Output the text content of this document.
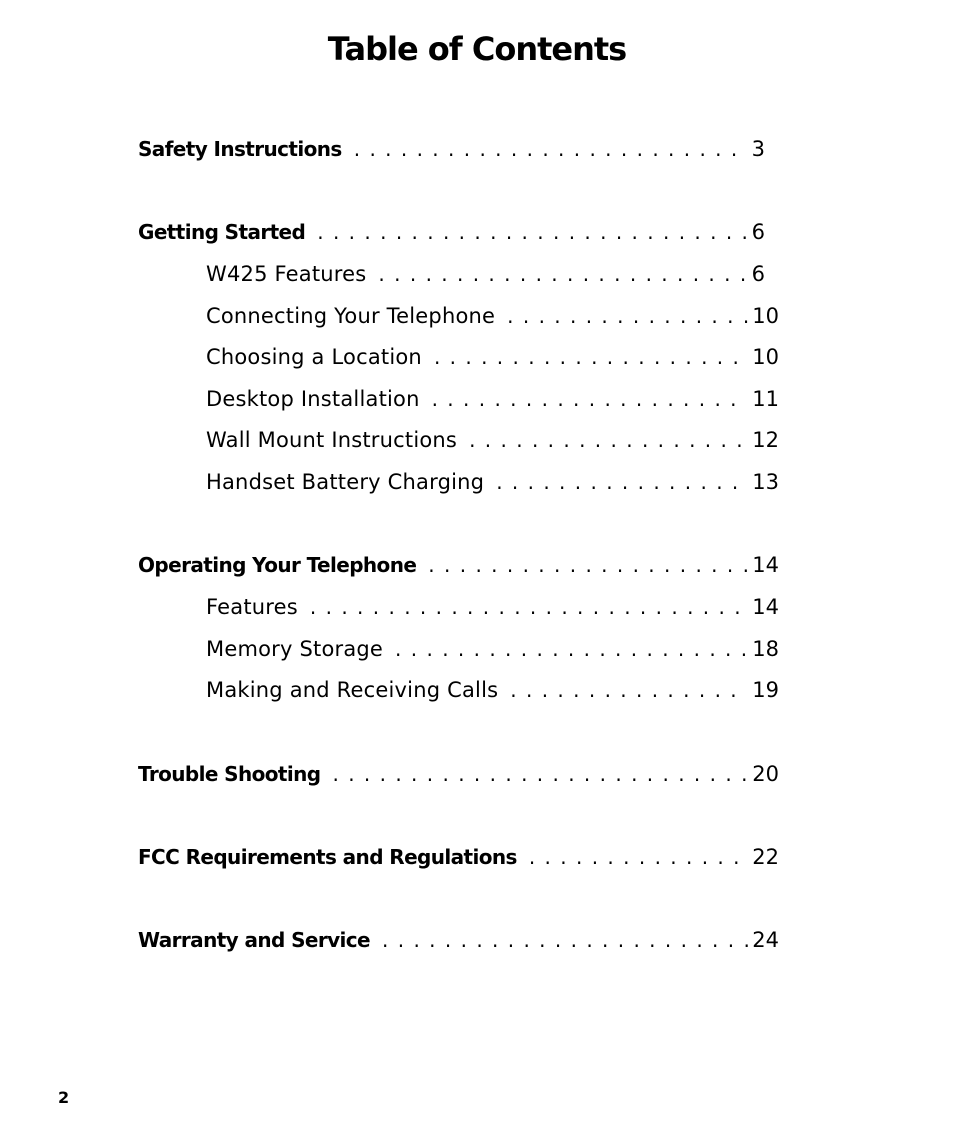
Table of Contents
Safety Instructions . . .	3
Getting Started . . .	6
W425 Features . . .	6
Connecting Your Telephone . . .	10
Choosing a Location . . .	10
Desktop Installation . . .	11
Wall Mount Instructions . . .	12
Handset Battery Charging . . .	13
Operating Your Telephone . . .	14
Features . . .	14
Memory Storage . . .	18
Making and Receiving Calls . . .	19
Trouble Shooting . . .	20
FCC Requirements and Regulations . . .	22
Warranty and Service . . .	24
2
